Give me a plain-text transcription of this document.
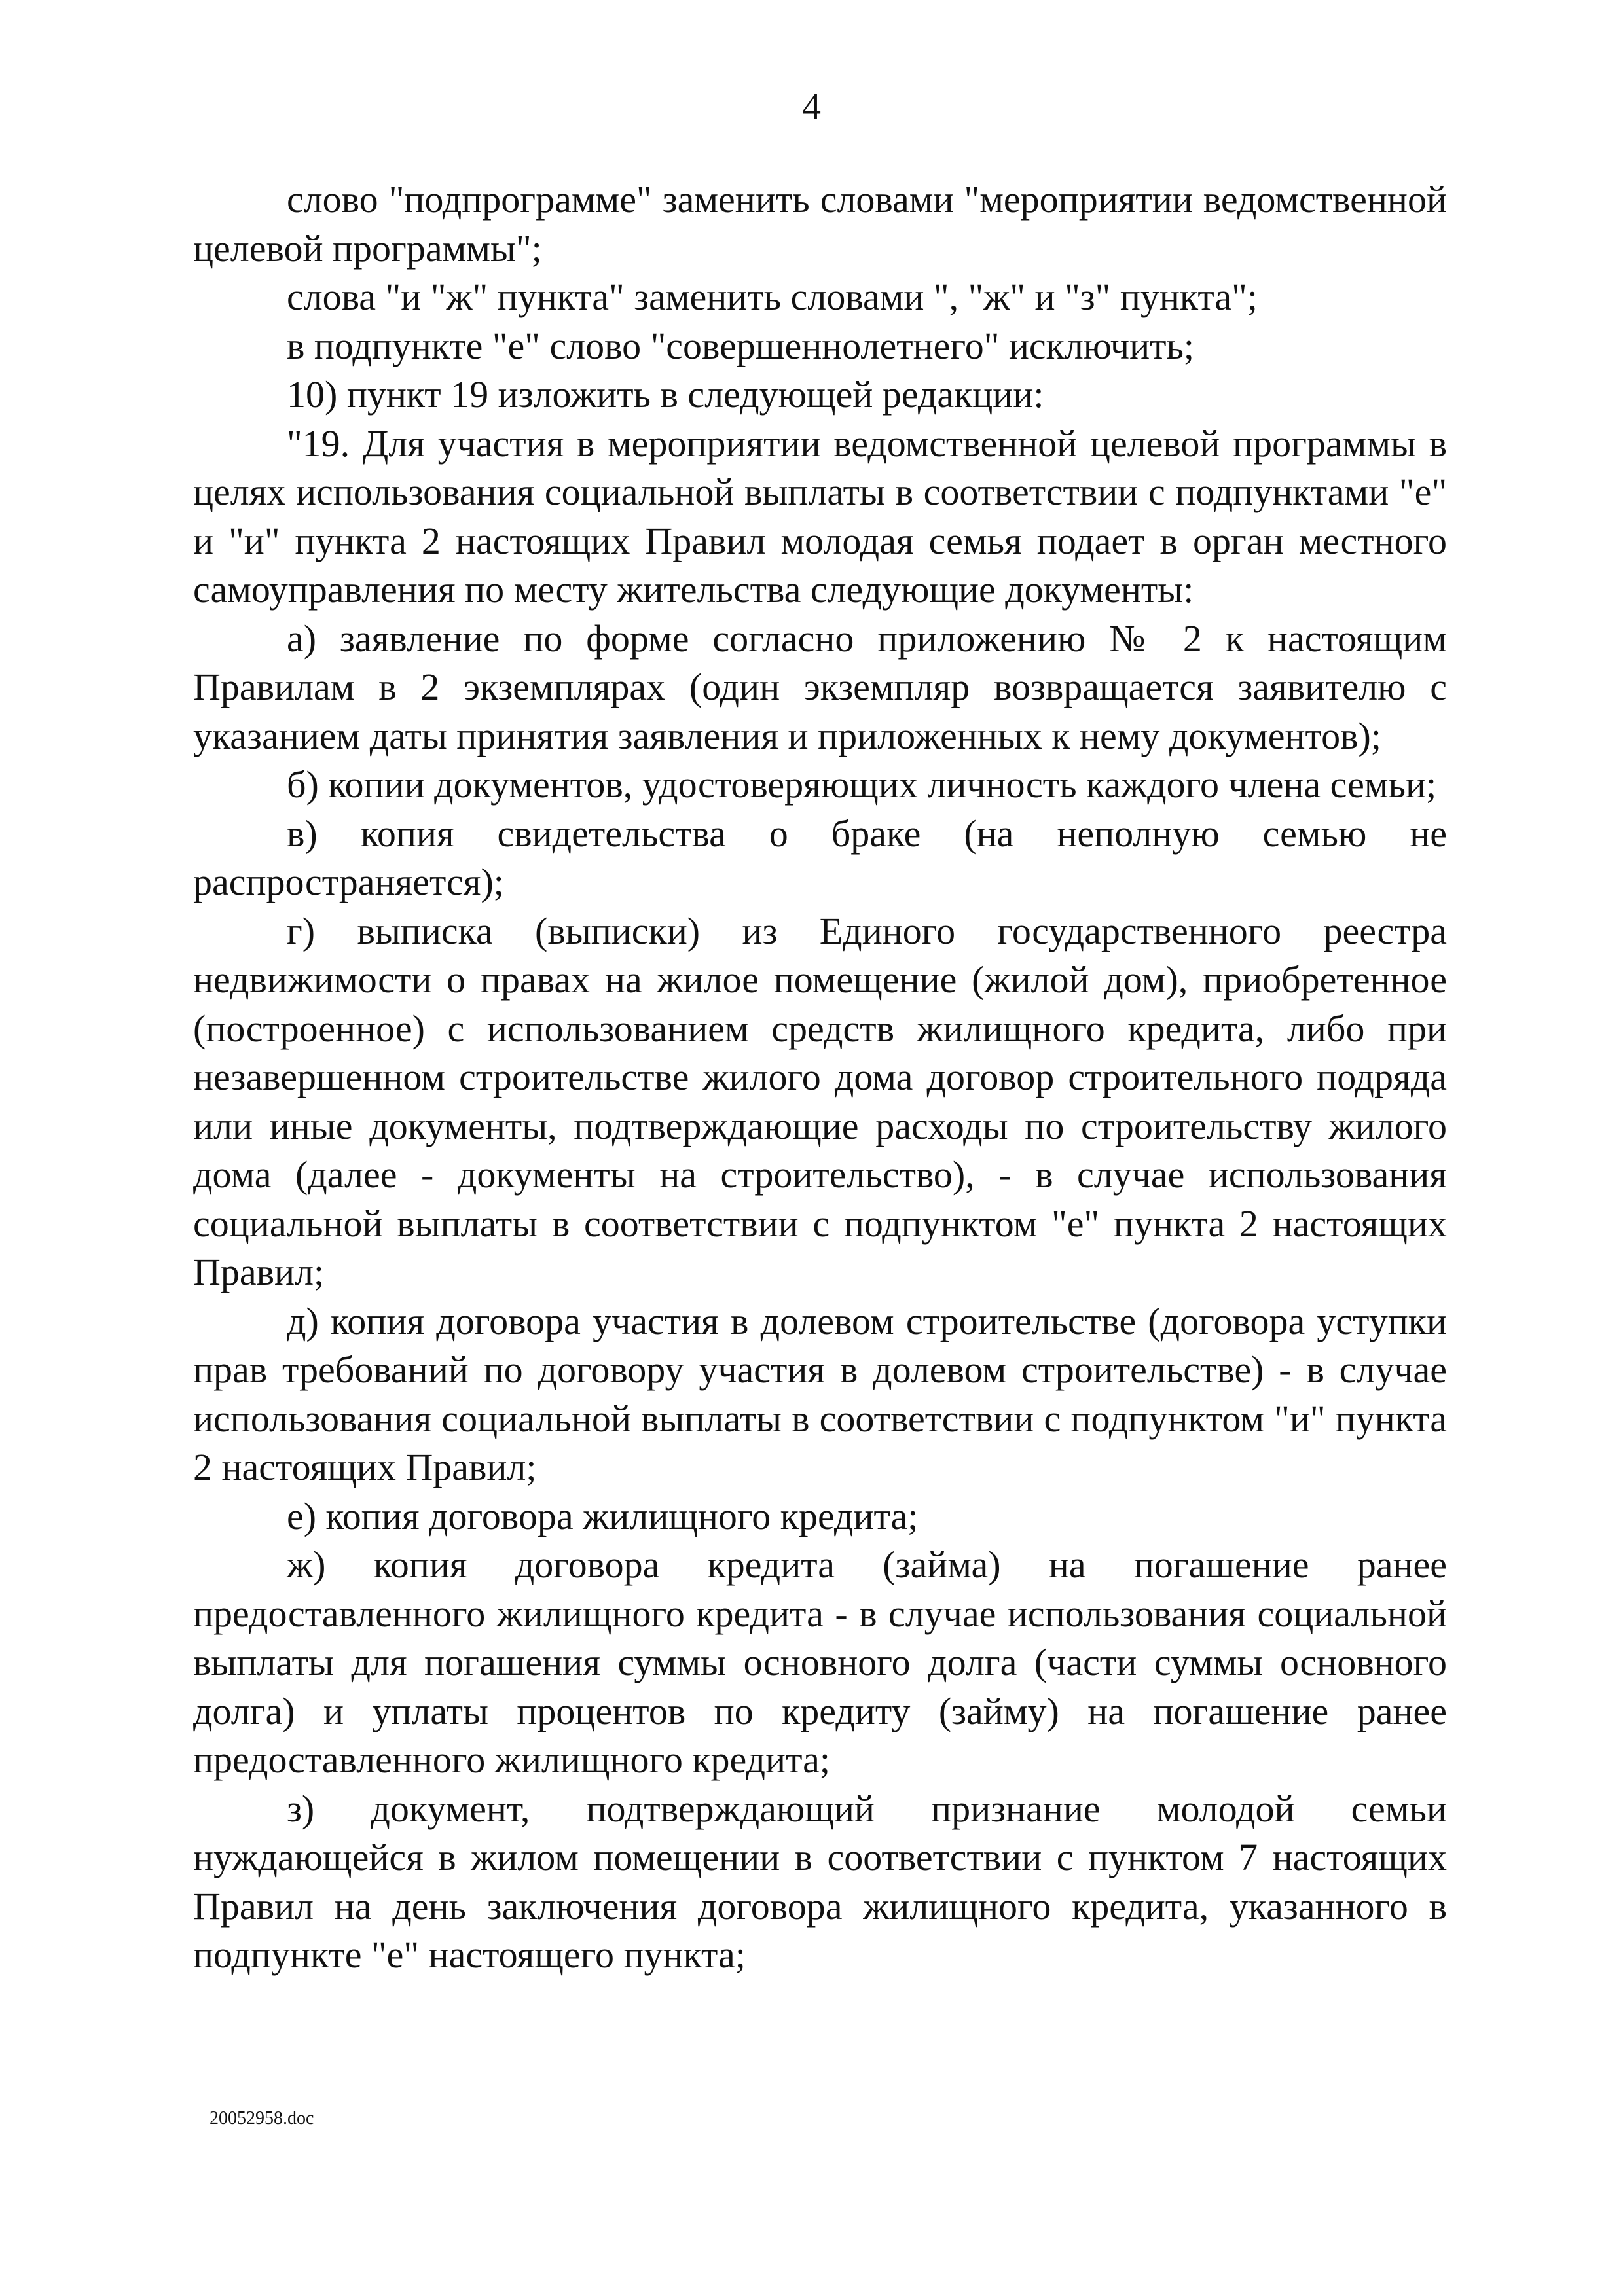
4

слово "подпрограмме" заменить словами "мероприятии ведомственной целевой программы";

слова "и "ж" пункта" заменить словами ", "ж" и "з" пункта";

в подпункте "е" слово "совершеннолетнего" исключить;

10) пункт 19 изложить в следующей редакции:

"19. Для участия в мероприятии ведомственной целевой программы в целях использования социальной выплаты в соответствии с подпунктами "е" и "и" пункта 2 настоящих Правил молодая семья подает в орган местного самоуправления по месту жительства следующие документы:

а) заявление по форме согласно приложению № 2 к настоящим Правилам в 2 экземплярах (один экземпляр возвращается заявителю с указанием даты принятия заявления и приложенных к нему документов);

б) копии документов, удостоверяющих личность каждого члена семьи;

в) копия свидетельства о браке (на неполную семью не распространяется);

г) выписка (выписки) из Единого государственного реестра недвижимости о правах на жилое помещение (жилой дом), приобретенное (построенное) с использованием средств жилищного кредита, либо при незавершенном строительстве жилого дома договор строительного подряда или иные документы, подтверждающие расходы по строительству жилого дома (далее - документы на строительство), - в случае использования социальной выплаты в соответствии с подпунктом "е" пункта 2 настоящих Правил;

д) копия договора участия в долевом строительстве (договора уступки прав требований по договору участия в долевом строительстве) - в случае использования социальной выплаты в соответствии с подпунктом "и" пункта 2 настоящих Правил;

е) копия договора жилищного кредита;

ж) копия договора кредита (займа) на погашение ранее предоставленного жилищного кредита - в случае использования социальной выплаты для погашения суммы основного долга (части суммы основного долга) и уплаты процентов по кредиту (займу) на погашение ранее предоставленного жилищного кредита;

з) документ, подтверждающий признание молодой семьи нуждающейся в жилом помещении в соответствии с пунктом 7 настоящих Правил на день заключения договора жилищного кредита, указанного в подпункте "е" настоящего пункта;

20052958.doc
